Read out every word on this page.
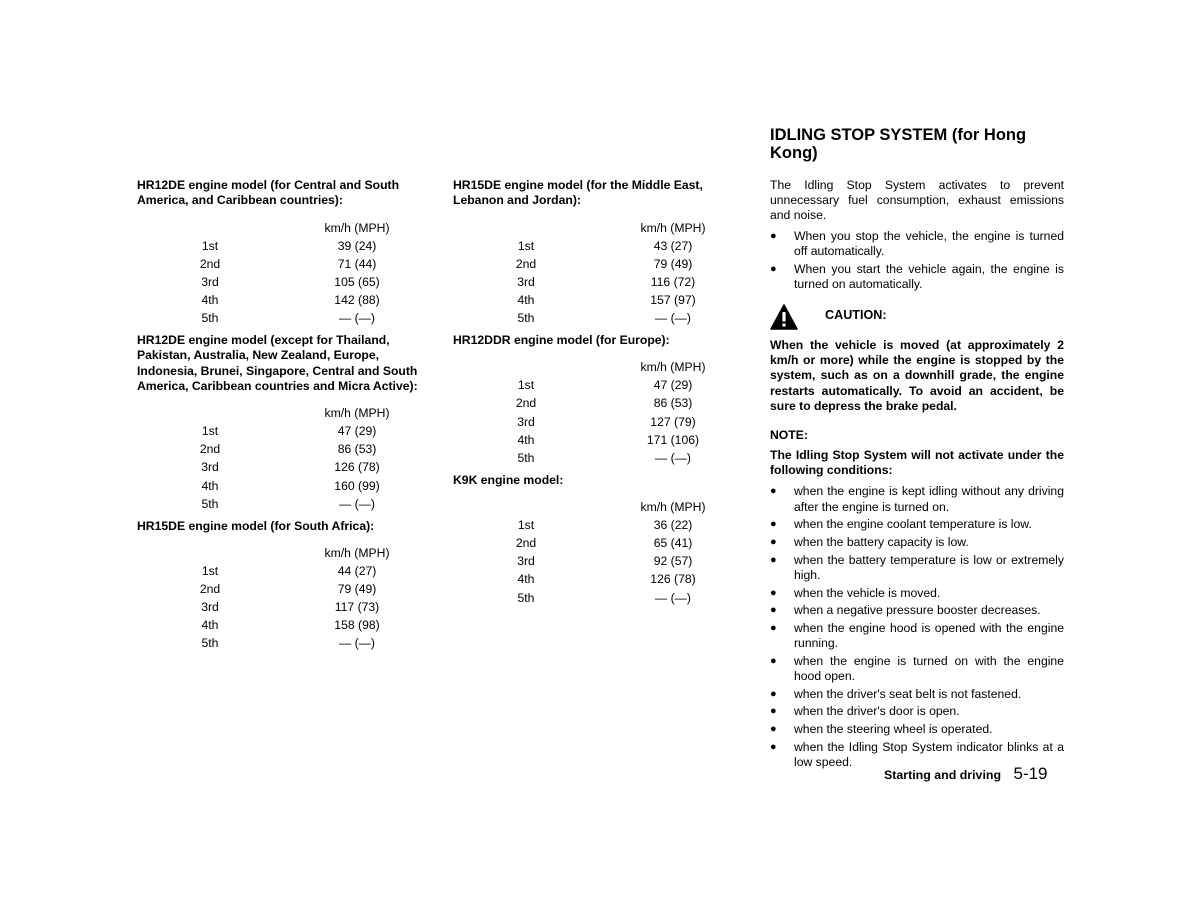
HR12DE engine model (for Central and South America, and Caribbean countries):
km/h (MPH)
1st	39 (24)
2nd	71 (44)
3rd	105 (65)
4th	142 (88)
5th	— (—)
HR12DE engine model (except for Thailand, Pakistan, Australia, New Zealand, Europe, Indonesia, Brunei, Singapore, Central and South America, Caribbean countries and Micra Active):
km/h (MPH)
1st	47 (29)
2nd	86 (53)
3rd	126 (78)
4th	160 (99)
5th	— (—)
HR15DE engine model (for South Africa):
km/h (MPH)
1st	44 (27)
2nd	79 (49)
3rd	117 (73)
4th	158 (98)
5th	— (—)
HR15DE engine model (for the Middle East, Lebanon and Jordan):
km/h (MPH)
1st	43 (27)
2nd	79 (49)
3rd	116 (72)
4th	157 (97)
5th	— (—)
HR12DDR engine model (for Europe):
km/h (MPH)
1st	47 (29)
2nd	86 (53)
3rd	127 (79)
4th	171 (106)
5th	— (—)
K9K engine model:
km/h (MPH)
1st	36 (22)
2nd	65 (41)
3rd	92 (57)
4th	126 (78)
5th	— (—)
IDLING STOP SYSTEM (for Hong Kong)
The Idling Stop System activates to prevent unnecessary fuel consumption, exhaust emissions and noise.
● When you stop the vehicle, the engine is turned off automatically.
● When you start the vehicle again, the engine is turned on automatically.
CAUTION:
When the vehicle is moved (at approximately 2 km/h or more) while the engine is stopped by the system, such as on a downhill grade, the engine restarts automatically. To avoid an accident, be sure to depress the brake pedal.
NOTE:
The Idling Stop System will not activate under the following conditions:
● when the engine is kept idling without any driving after the engine is turned on.
● when the engine coolant temperature is low.
● when the battery capacity is low.
● when the battery temperature is low or extremely high.
● when the vehicle is moved.
● when a negative pressure booster decreases.
● when the engine hood is opened with the engine running.
● when the engine is turned on with the engine hood open.
● when the driver's seat belt is not fastened.
● when the driver's door is open.
● when the steering wheel is operated.
● when the Idling Stop System indicator blinks at a low speed.
Starting and driving 5-19
